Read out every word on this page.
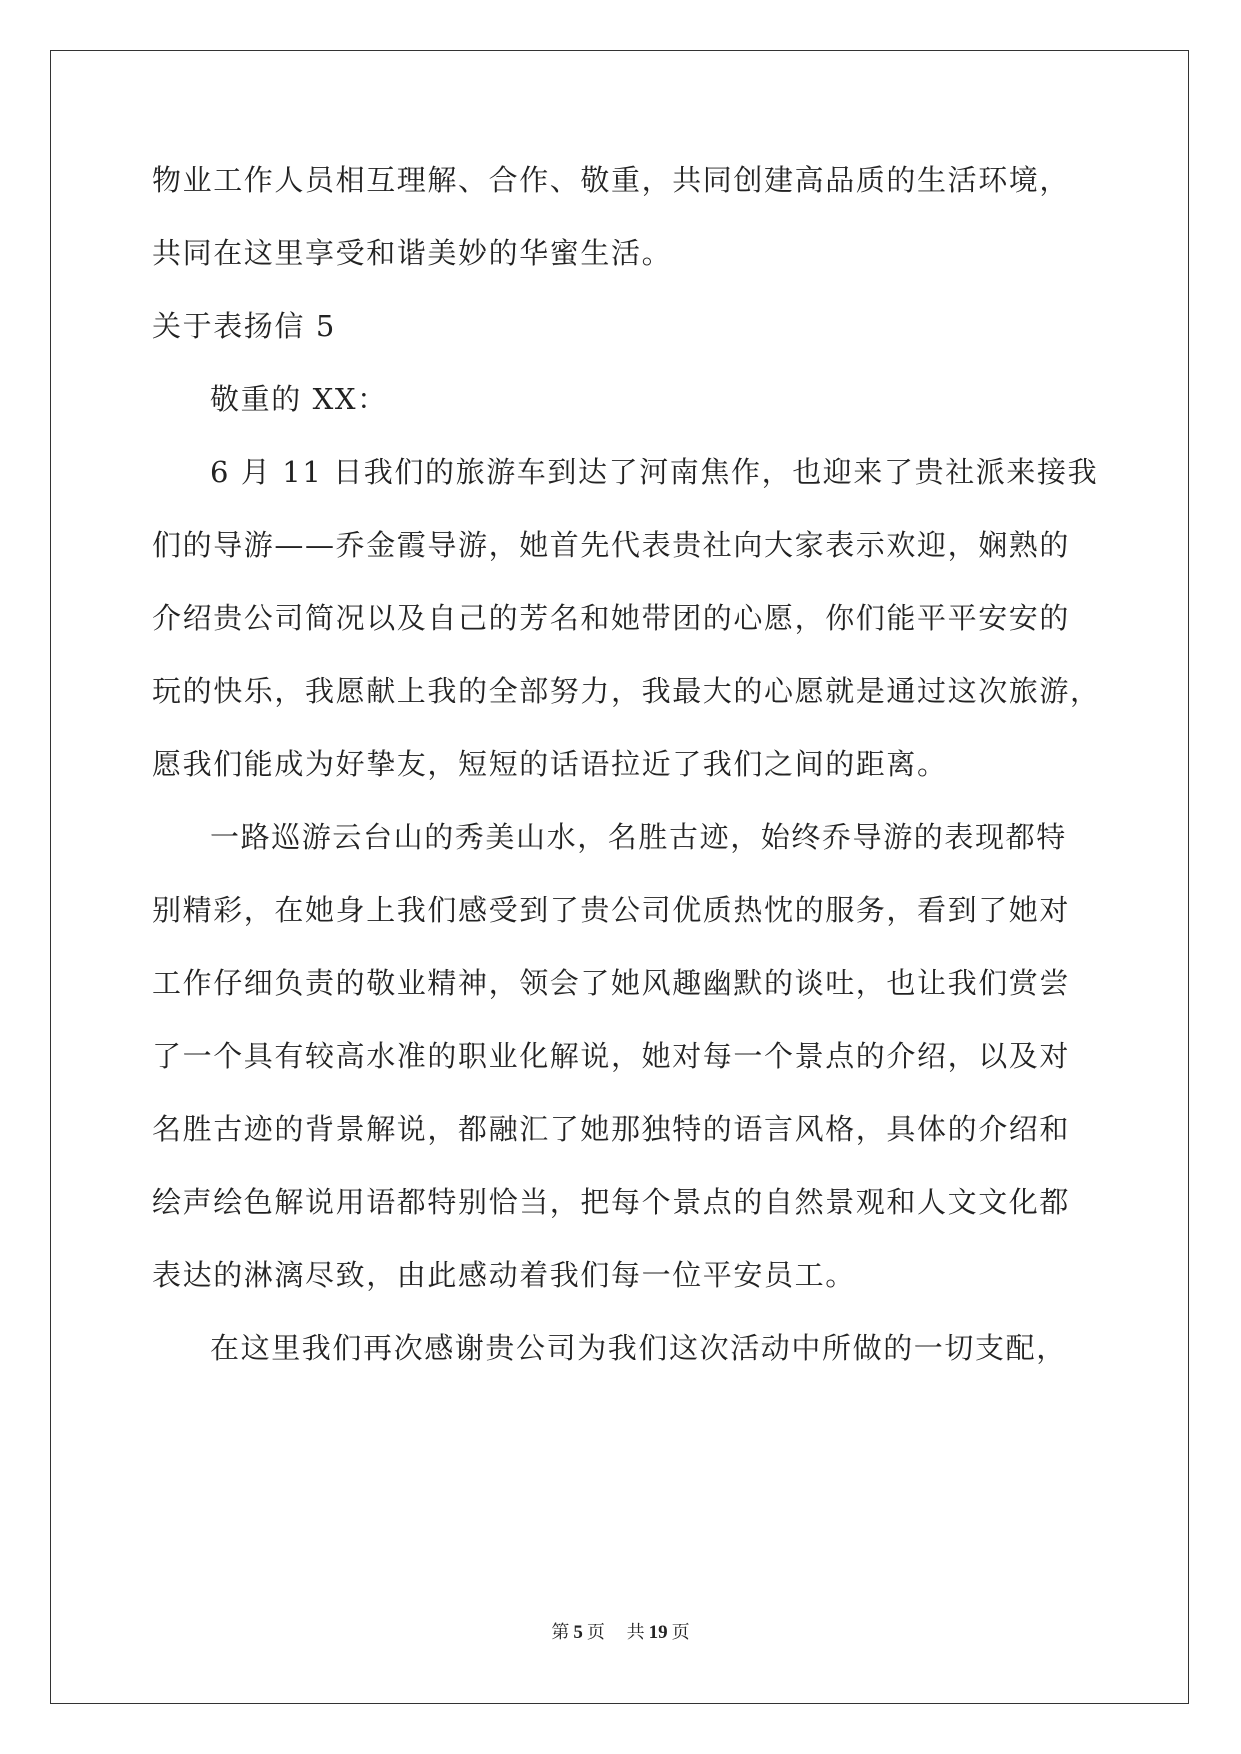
物业工作人员相互理解、合作、敬重，共同创建高品质的生活环境，
共同在这里享受和谐美妙的华蜜生活。
关于表扬信 5
敬重的 XX：
6 月 11 日我们的旅游车到达了河南焦作，也迎来了贵社派来接我
们的导游——乔金霞导游，她首先代表贵社向大家表示欢迎，娴熟的
介绍贵公司简况以及自己的芳名和她带团的心愿，你们能平平安安的
玩的快乐，我愿献上我的全部努力，我最大的心愿就是通过这次旅游，
愿我们能成为好挚友，短短的话语拉近了我们之间的距离。
一路巡游云台山的秀美山水，名胜古迹，始终乔导游的表现都特
别精彩，在她身上我们感受到了贵公司优质热忱的服务，看到了她对
工作仔细负责的敬业精神，领会了她风趣幽默的谈吐，也让我们赏尝
了一个具有较高水准的职业化解说，她对每一个景点的介绍，以及对
名胜古迹的背景解说，都融汇了她那独特的语言风格，具体的介绍和
绘声绘色解说用语都特别恰当，把每个景点的自然景观和人文文化都
表达的淋漓尽致，由此感动着我们每一位平安员工。
在这里我们再次感谢贵公司为我们这次活动中所做的一切支配，
第 5 页 共 19 页
